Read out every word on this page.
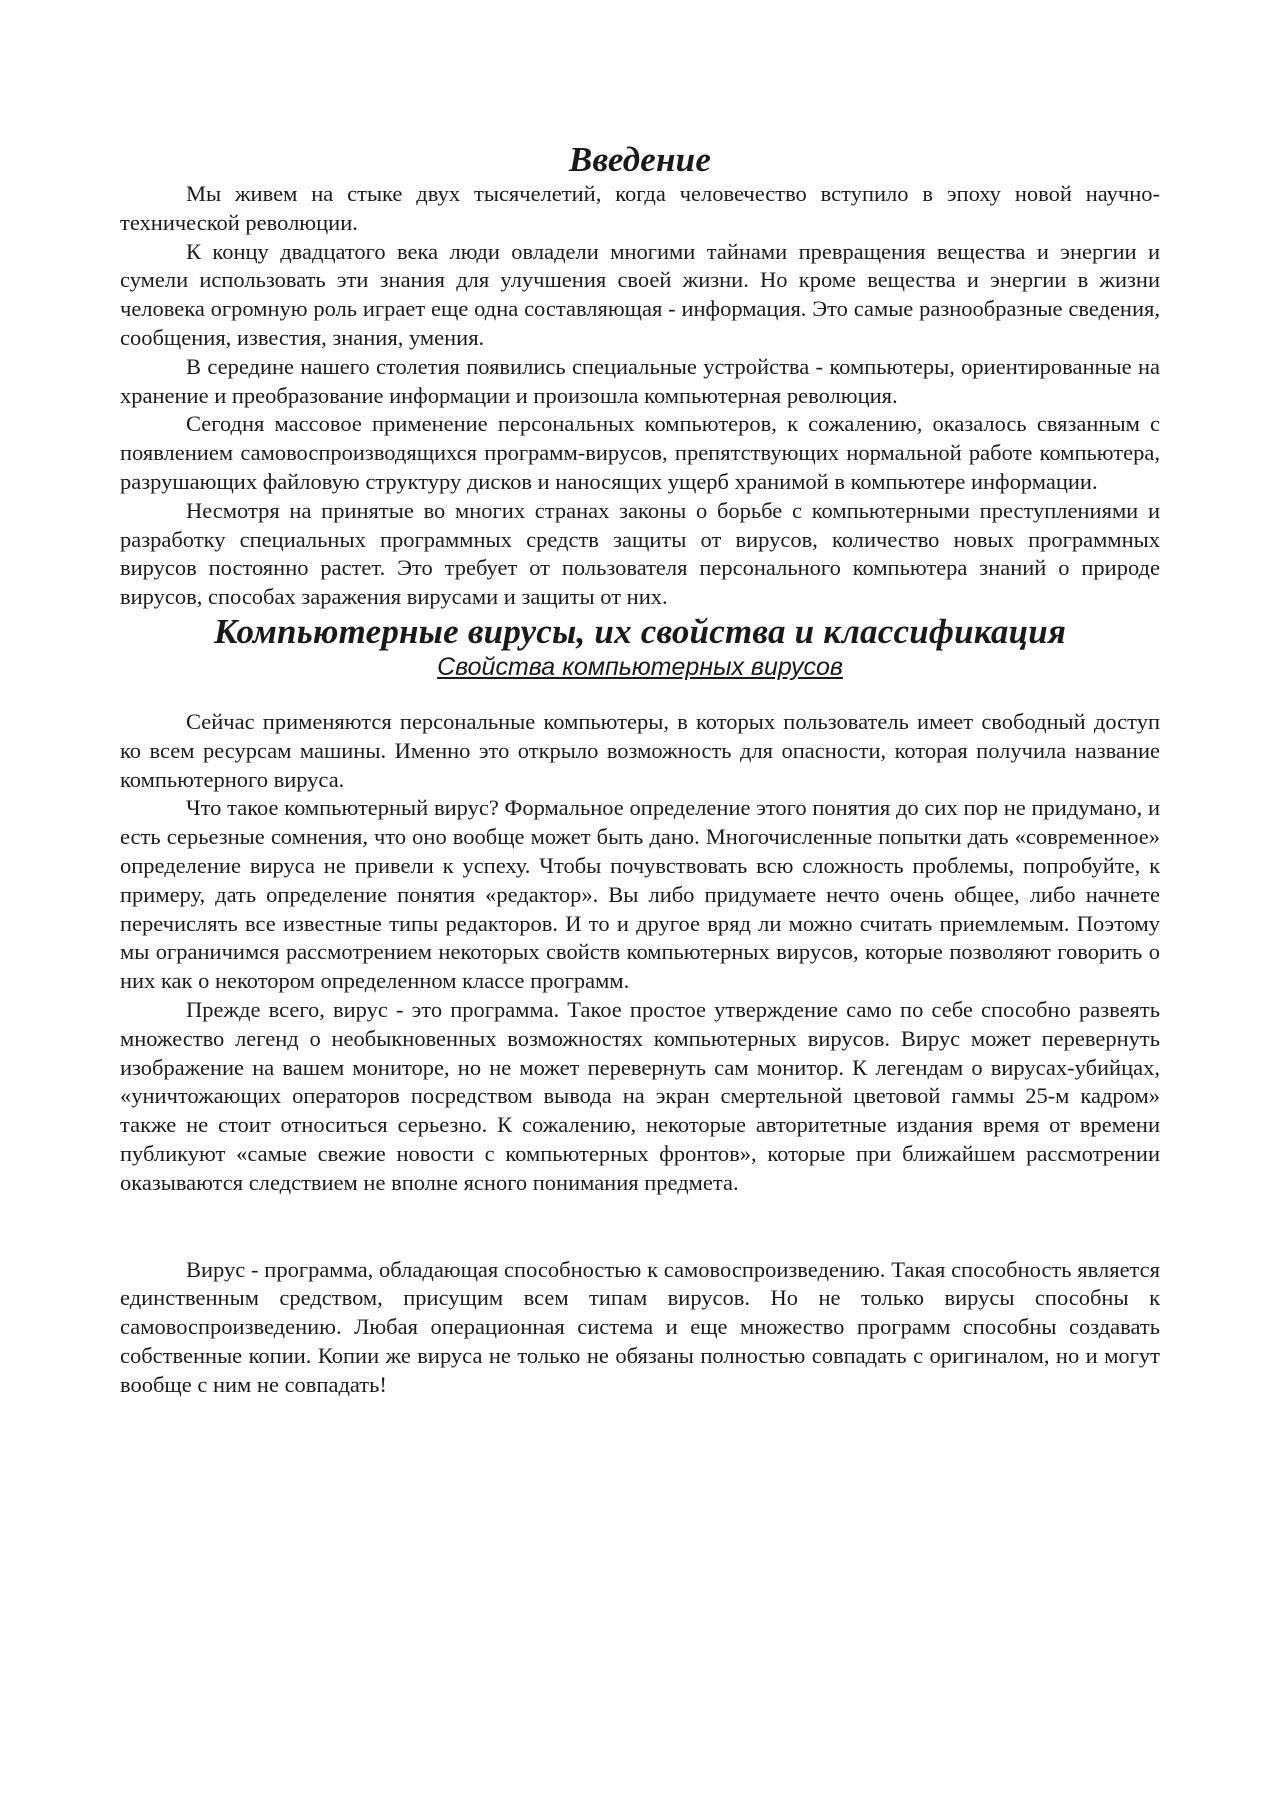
Введение

Мы живем на стыке двух тысячелетий, когда человечество вступило в эпоху новой научно-технической революции.

К концу двадцатого века люди овладели многими тайнами превращения вещества и энергии и сумели использовать эти знания для улучшения своей жизни. Но кроме вещества и энергии в жизни человека огромную роль играет еще одна составляющая - информация. Это самые разнообразные сведения, сообщения, известия, знания, умения.

В середине нашего столетия появились специальные устройства - компьютеры, ориентированные на хранение и преобразование информации и произошла компьютерная революция.

Сегодня массовое применение персональных компьютеров, к сожалению, оказалось связанным с появлением самовоспроизводящихся программ-вирусов, препятствующих нормальной работе компьютера, разрушающих файловую структуру дисков и наносящих ущерб хранимой в компьютере информации.

Несмотря на принятые во многих странах законы о борьбе с компьютерными преступлениями и разработку специальных программных средств защиты от вирусов, количество новых программных вирусов постоянно растет. Это требует от пользователя персонального компьютера знаний о природе вирусов, способах заражения вирусами и защиты от них.

Компьютерные вирусы, их свойства и классификация
Свойства компьютерных вирусов

Сейчас применяются персональные компьютеры, в которых пользователь имеет свободный доступ ко всем ресурсам машины. Именно это открыло возможность для опасности, которая получила название компьютерного вируса.

Что такое компьютерный вирус? Формальное определение этого понятия до сих пор не придумано, и есть серьезные сомнения, что оно вообще может быть дано. Многочисленные попытки дать «современное» определение вируса не привели к успеху. Чтобы почувствовать всю сложность проблемы, попробуйте, к примеру, дать определение понятия «редактор». Вы либо придумаете нечто очень общее, либо начнете перечислять все известные типы редакторов. И то и другое вряд ли можно считать приемлемым. Поэтому мы ограничимся рассмотрением некоторых свойств компьютерных вирусов, которые позволяют говорить о них как о некотором определенном классе программ.

Прежде всего, вирус - это программа. Такое простое утверждение само по себе способно развеять множество легенд о необыкновенных возможностях компьютерных вирусов. Вирус может перевернуть изображение на вашем мониторе, но не может перевернуть сам монитор. К легендам о вирусах-убийцах, «уничтожающих операторов посредством вывода на экран смертельной цветовой гаммы 25-м кадром» также не стоит относиться серьезно. К сожалению, некоторые авторитетные издания время от времени публикуют «самые свежие новости с компьютерных фронтов», которые при ближайшем рассмотрении оказываются следствием не вполне ясного понимания предмета.

Вирус - программа, обладающая способностью к самовоспроизведению. Такая способность является единственным средством, присущим всем типам вирусов. Но не только вирусы способны к самовоспроизведению. Любая операционная система и еще множество программ способны создавать собственные копии. Копии же вируса не только не обязаны полностью совпадать с оригиналом, но и могут вообще с ним не совпадать!
